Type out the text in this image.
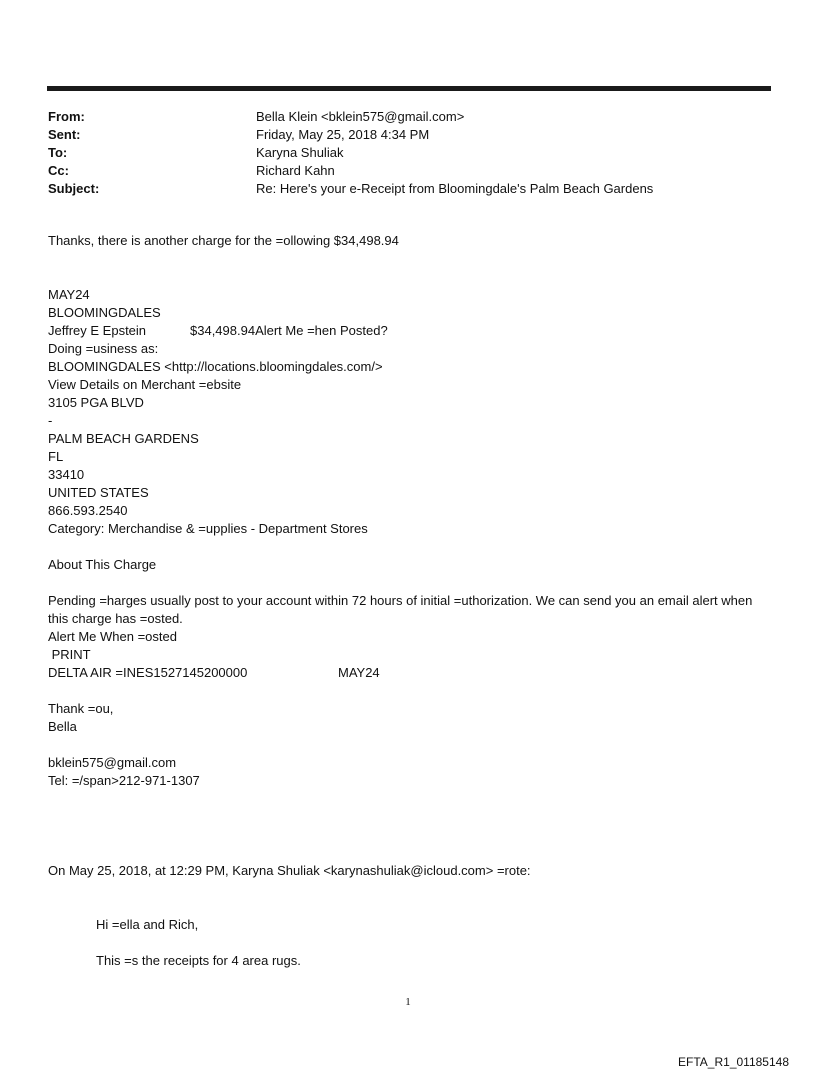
From:	Bella Klein <bklein575@gmail.com>
Sent:	Friday, May 25, 2018 4:34 PM
To:	Karyna Shuliak
Cc:	Richard Kahn
Subject:	Re: Here's your e-Receipt from Bloomingdale's Palm Beach Gardens
Thanks, there is another charge for the =ollowing $34,498.94
MAY24
BLOOMINGDALES
Jeffrey E Epstein	$34,498.94Alert Me =hen Posted?
Doing =usiness as:
BLOOMINGDALES <http://locations.bloomingdales.com/>
View Details on Merchant =ebsite
3105 PGA BLVD
-
PALM BEACH GARDENS
FL
33410
UNITED STATES
866.593.2540
Category: Merchandise & =upplies - Department Stores
About This Charge
Pending =harges usually post to your account within 72 hours of initial =uthorization. We can send you an email alert when this charge has =osted.
Alert Me When =osted
PRINT
DELTA AIR =INES1527145200000	MAY24
Thank =ou,
Bella
bklein575@gmail.com
Tel: =/span>212-971-1307
On May 25, 2018, at 12:29 PM, Karyna Shuliak <karynashuliak@icloud.com> =rote:
Hi =ella and Rich,
This =s the receipts for 4 area rugs.
1
EFTA_R1_01185148
